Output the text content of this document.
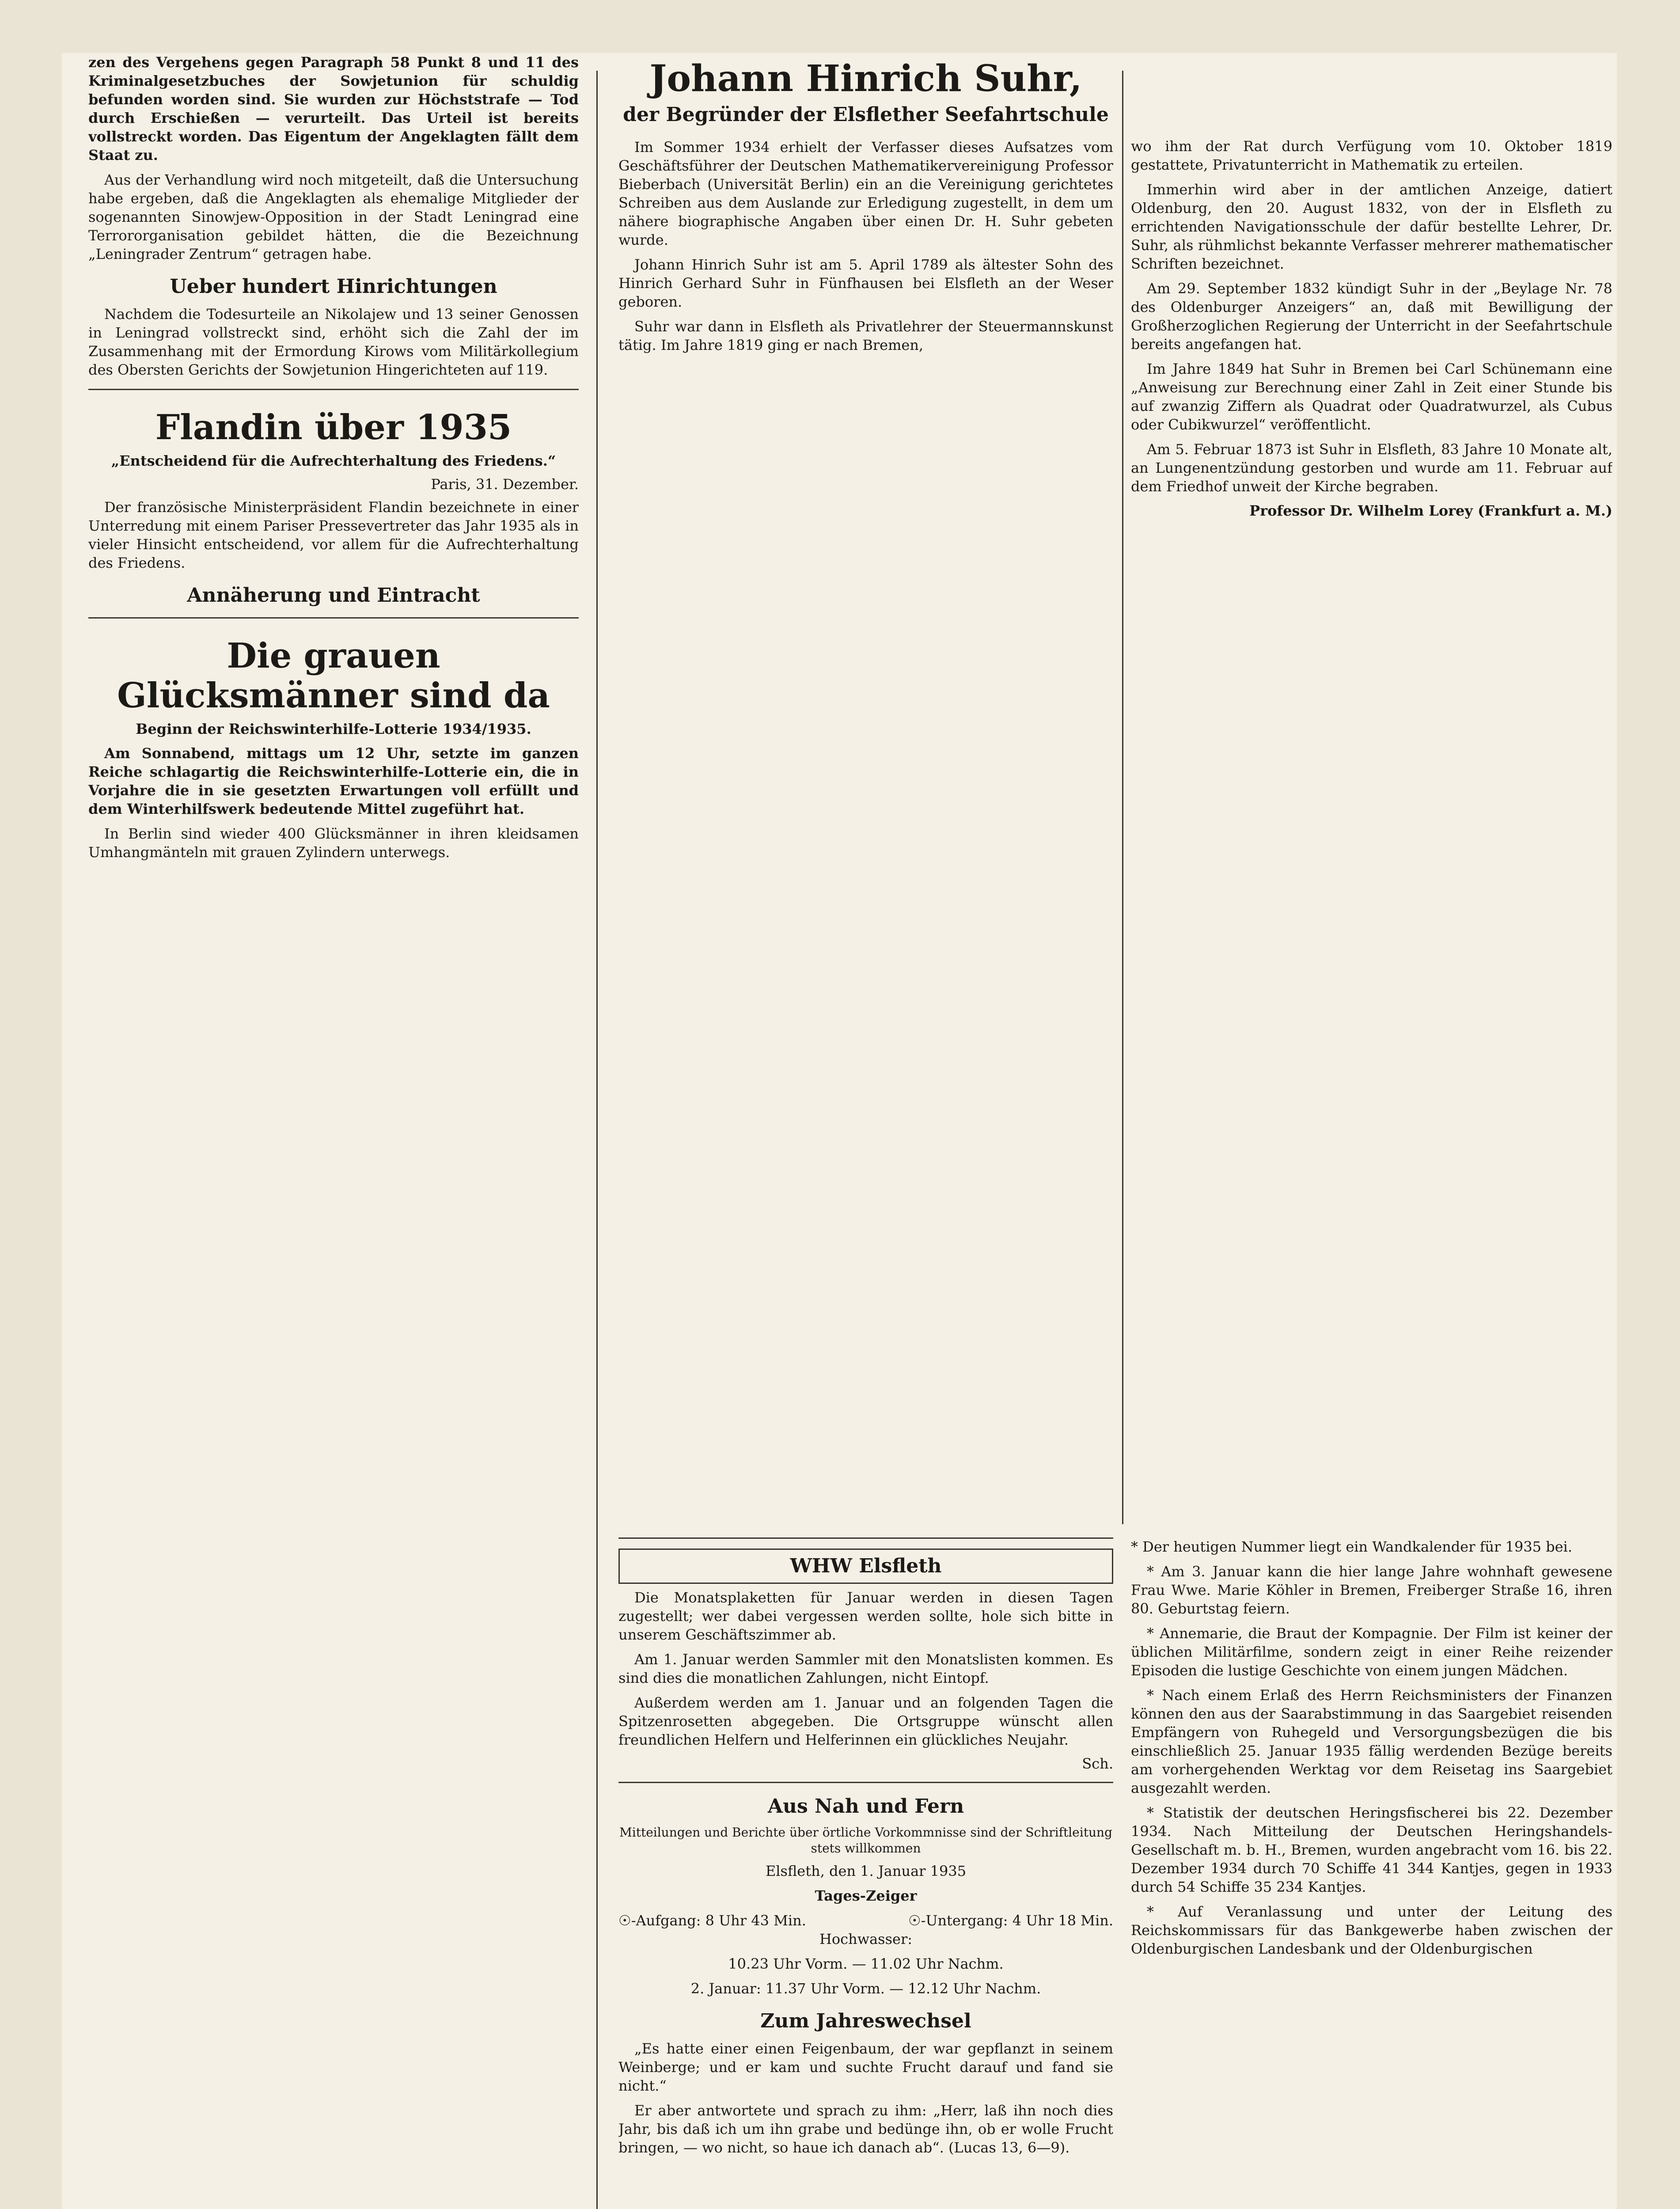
zen des Vergehens gegen Paragraph 58 Punkt 8 und 11 des Kriminalgesetzbuches der Sowjetunion für schuldig befunden worden sind. Sie wurden zur Höchststrafe — Tod durch Erschießen — verurteilt. Das Urteil ist bereits vollstreckt worden. Das Eigentum der Angeklagten fällt dem Staat zu.

Aus der Verhandlung wird noch mitgeteilt, daß die Untersuchung habe ergeben, daß die Angeklagten als ehemalige Mitglieder der sogenannten Sinowjew-Opposition in der Stadt Leningrad eine Terrororganisation gebildet hätten, die die Bezeichnung „Leningrader Zentrum“ getragen habe.

Ueber hundert Hinrichtungen

Nachdem die Todesurteile an Nikolajew und 13 seiner Genossen in Leningrad vollstreckt sind, erhöht sich die Zahl der im Zusammenhang mit der Ermordung Kirows vom Militärkollegium des Obersten Gerichts der Sowjetunion Hingerichteten auf 119.

Flandin über 1935
„Entscheidend für die Aufrechterhaltung des Friedens.“
Paris, 31. Dezember.

Der französische Ministerpräsident Flandin bezeichnete in einer Unterredung mit einem Pariser Pressevertreter das Jahr 1935 als in vieler Hinsicht entscheidend, vor allem für die Aufrechterhaltung des Friedens.

Annäherung und Eintracht
Die grauen Glücksmänner sind da
Beginn der Reichswinterhilfe-Lotterie 1934/1935.

Am Sonnabend, mittags um 12 Uhr, setzte im ganzen Reiche schlagartig die Reichswinterhilfe-Lotterie ein, die in Vorjahre die in sie gesetzten Erwartungen voll erfüllt und dem Winterhilfswerk bedeutende Mittel zugeführt hat.

In Berlin sind wieder 400 Glücksmänner in ihren kleidsamen Umhangmänteln mit grauen Zylindern unterwegs.

Johann Hinrich Suhr,
der Begründer der Elsflether Seefahrtschule

Im Sommer 1934 erhielt der Verfasser dieses Aufsatzes vom Geschäftsführer der Deutschen Mathematikervereinigung Professor Bieberbach (Universität Berlin) ein an die Vereinigung gerichtetes Schreiben aus dem Auslande zur Erledigung zugestellt, in dem um nähere biographische Angaben über einen Dr. H. Suhr gebeten wurde.

Johann Hinrich Suhr ist am 5. April 1789 als ältester Sohn des Hinrich Gerhard Suhr in Fünfhausen bei Elsfleth an der Weser geboren.

Suhr war dann in Elsfleth als Privatlehrer der Steuermannskunst tätig. Im Jahre 1819 ging er nach Bremen,

wo ihm der Rat durch Verfügung vom 10. Oktober 1819 gestattete, Privatunterricht in Mathematik zu erteilen.

Immerhin wird aber in der amtlichen Anzeige, datiert Oldenburg, den 20. August 1832, von der in Elsfleth zu errichtenden Navigationsschule der dafür bestellte Lehrer, Dr. Suhr, als rühmlichst bekannte Verfasser mehrerer mathematischer Schriften bezeichnet.

Am 29. September 1832 kündigt Suhr in der „Beylage Nr. 78 des Oldenburger Anzeigers“ an, daß mit Bewilligung der Großherzoglichen Regierung der Unterricht in der Seefahrtschule bereits angefangen hat.

Im Jahre 1849 hat Suhr in Bremen bei Carl Schünemann eine „Anweisung zur Berechnung einer Zahl in Zeit einer Stunde bis auf zwanzig Ziffern als Quadrat oder Quadratwurzel, als Cubus oder Cubikwurzel“ veröffentlicht.

Am 5. Februar 1873 ist Suhr in Elsfleth, 83 Jahre 10 Monate alt, an Lungenentzündung gestorben und wurde am 11. Februar auf dem Friedhof unweit der Kirche begraben.

Professor Dr. Wilhelm Lorey (Frankfurt a. M.)
WHW Elsfleth

Die Monatsplaketten für Januar werden in diesen Tagen zugestellt; wer dabei vergessen werden sollte, hole sich bitte in unserem Geschäftszimmer ab.

Am 1. Januar werden Sammler mit den Monatslisten kommen. Es sind dies die monatlichen Zahlungen, nicht Eintopf.

Außerdem werden am 1. Januar und an folgenden Tagen die Spitzenrosetten abgegeben. Die Ortsgruppe wünscht allen freundlichen Helfern und Helferinnen ein glückliches Neujahr.

Sch.
Aus Nah und Fern
Mitteilungen und Berichte über örtliche Vorkommnisse sind der Schriftleitung stets willkommen

Elsfleth, den 1. Januar 1935

Tages-Zeiger

☉-Aufgang: 8 Uhr 43 Min.	☉-Untergang: 4 Uhr 18 Min.

Hochwasser:

10.23 Uhr Vorm. — 11.02 Uhr Nachm.

2. Januar: 11.37 Uhr Vorm. — 12.12 Uhr Nachm.

Zum Jahreswechsel

„Es hatte einer einen Feigenbaum, der war gepflanzt in seinem Weinberge; und er kam und suchte Frucht darauf und fand sie nicht.“

Er aber antwortete und sprach zu ihm: „Herr, laß ihn noch dies Jahr, bis daß ich um ihn grabe und bedünge ihn, ob er wolle Frucht bringen, — wo nicht, so haue ich danach ab“. (Lucas 13, 6—9).

* Der heutigen Nummer liegt ein Wandkalender für 1935 bei.

* Am 3. Januar kann die hier lange Jahre wohnhaft gewesene Frau Wwe. Marie Köhler in Bremen, Freiberger Straße 16, ihren 80. Geburtstag feiern.

* Annemarie, die Braut der Kompagnie. Der Film ist keiner der üblichen Militärfilme, sondern zeigt in einer Reihe reizender Episoden die lustige Geschichte von einem jungen Mädchen.

* Nach einem Erlaß des Herrn Reichsministers der Finanzen können den aus der Saarabstimmung in das Saargebiet reisenden Empfängern von Ruhegeld und Versorgungsbezügen die bis einschließlich 25. Januar 1935 fällig werdenden Bezüge bereits am vorhergehenden Werktag vor dem Reisetag ins Saargebiet ausgezahlt werden.

* Statistik der deutschen Heringsfischerei bis 22. Dezember 1934. Nach Mitteilung der Deutschen Heringshandels-Gesellschaft m. b. H., Bremen, wurden angebracht vom 16. bis 22. Dezember 1934 durch 70 Schiffe 41 344 Kantjes, gegen in 1933 durch 54 Schiffe 35 234 Kantjes.

* Auf Veranlassung und unter der Leitung des Reichskommissars für das Bankgewerbe haben zwischen der Oldenburgischen Landesbank und der Oldenburgischen
